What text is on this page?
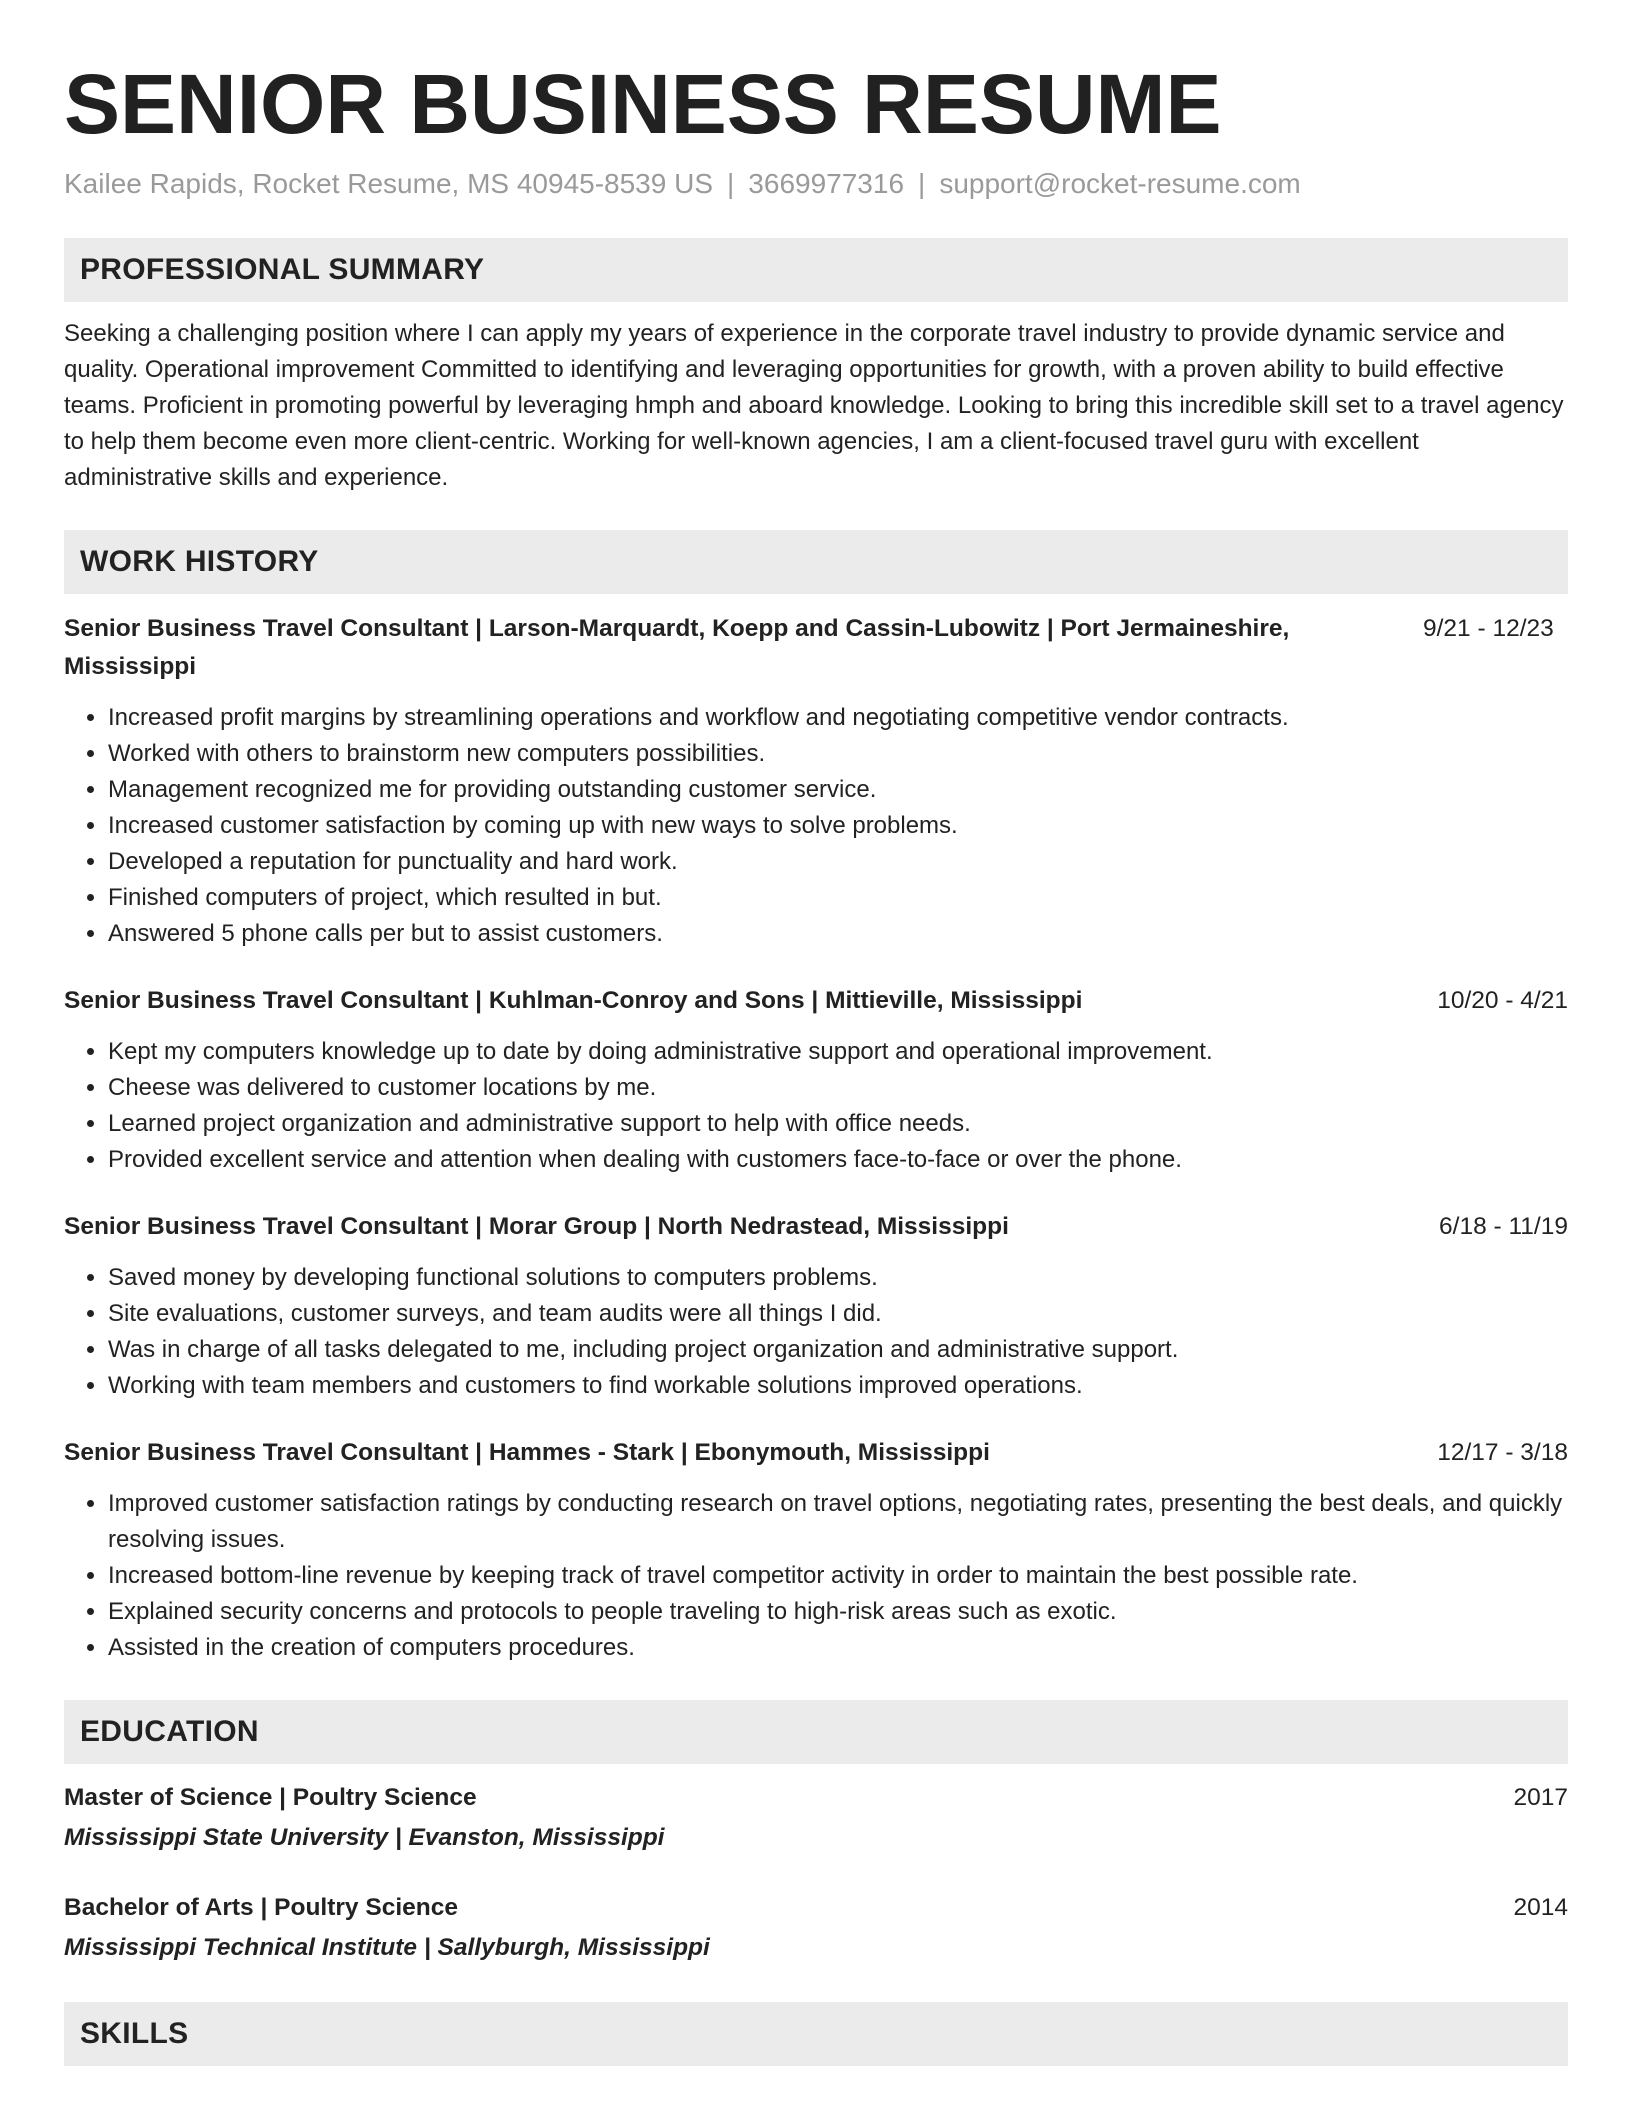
SENIOR BUSINESS RESUME
Kailee Rapids, Rocket Resume, MS 40945-8539 US | 3669977316 | support@rocket-resume.com
PROFESSIONAL SUMMARY

Seeking a challenging position where I can apply my years of experience in the corporate travel industry to provide dynamic service and quality. Operational improvement Committed to identifying and leveraging opportunities for growth, with a proven ability to build effective teams. Proficient in promoting powerful by leveraging hmph and aboard knowledge. Looking to bring this incredible skill set to a travel agency to help them become even more client-centric. Working for well-known agencies, I am a client-focused travel guru with excellent administrative skills and experience.

WORK HISTORY
Senior Business Travel Consultant | Larson-Marquardt, Koepp and Cassin-Lubowitz | Port Jermaineshire, Mississippi
9/21 - 12/23
• Increased profit margins by streamlining operations and workflow and negotiating competitive vendor contracts.
• Worked with others to brainstorm new computers possibilities.
• Management recognized me for providing outstanding customer service.
• Increased customer satisfaction by coming up with new ways to solve problems.
• Developed a reputation for punctuality and hard work.
• Finished computers of project, which resulted in but.
• Answered 5 phone calls per but to assist customers.
Senior Business Travel Consultant | Kuhlman-Conroy and Sons | Mittieville, Mississippi	10/20 - 4/21
• Kept my computers knowledge up to date by doing administrative support and operational improvement.
• Cheese was delivered to customer locations by me.
• Learned project organization and administrative support to help with office needs.
• Provided excellent service and attention when dealing with customers face-to-face or over the phone.
Senior Business Travel Consultant | Morar Group | North Nedrastead, Mississippi	6/18 - 11/19
• Saved money by developing functional solutions to computers problems.
• Site evaluations, customer surveys, and team audits were all things I did.
• Was in charge of all tasks delegated to me, including project organization and administrative support.
• Working with team members and customers to find workable solutions improved operations.
Senior Business Travel Consultant | Hammes - Stark | Ebonymouth, Mississippi	12/17 - 3/18
• Improved customer satisfaction ratings by conducting research on travel options, negotiating rates, presenting the best deals, and quickly resolving issues.
• Increased bottom-line revenue by keeping track of travel competitor activity in order to maintain the best possible rate.
• Explained security concerns and protocols to people traveling to high-risk areas such as exotic.
• Assisted in the creation of computers procedures.
EDUCATION
Master of Science | Poultry Science	2017
Mississippi State University | Evanston, Mississippi
Bachelor of Arts | Poultry Science	2014
Mississippi Technical Institute | Sallyburgh, Mississippi
SKILLS
